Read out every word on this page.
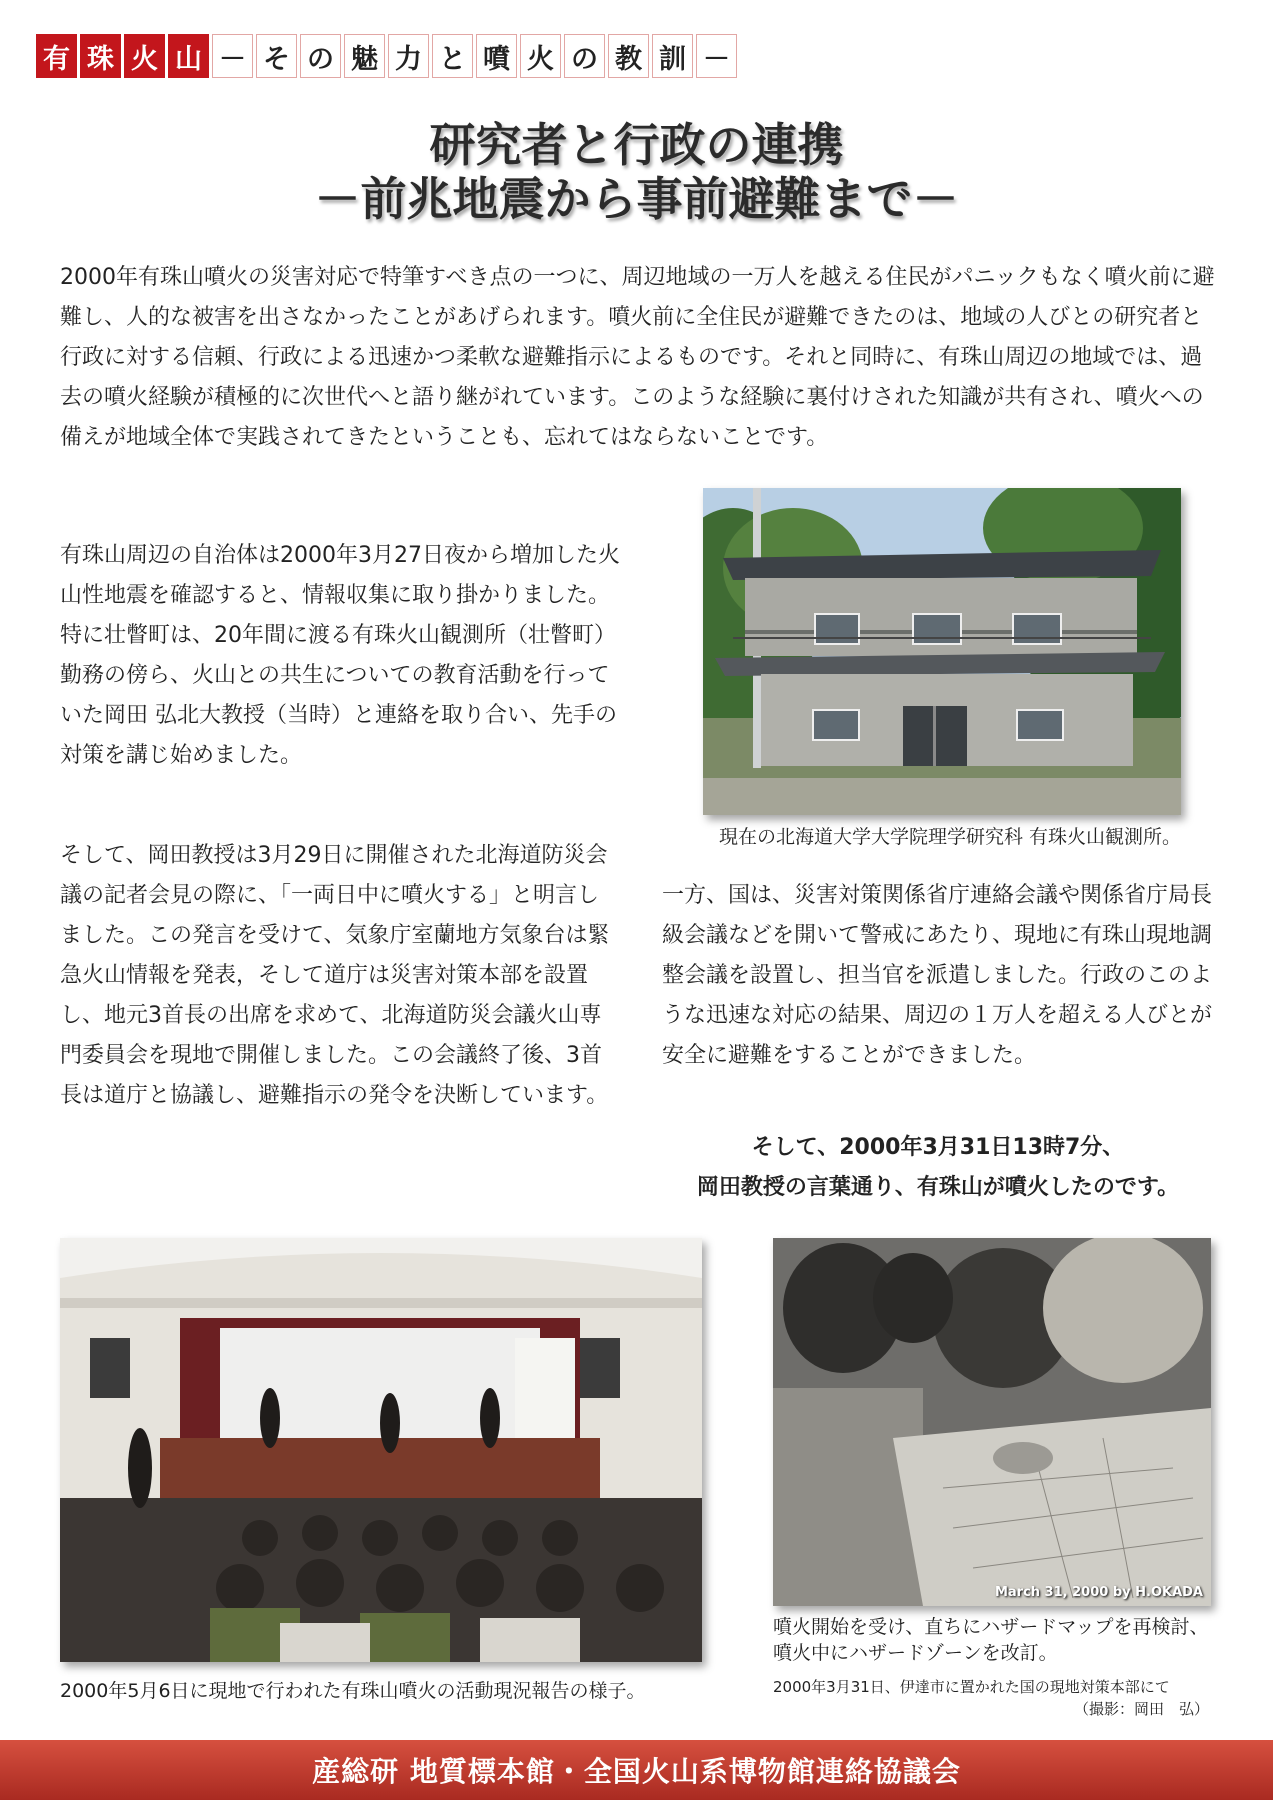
有 珠 火 山 － そ の 魅 力 と 噴 火 の 教 訓 －
研究者と行政の連携
－前兆地震から事前避難まで－

2000年有珠山噴火の災害対応で特筆すべき点の一つに、周辺地域の一万人を越える住民がパニックもなく噴火前に避難し、人的な被害を出さなかったことがあげられます。噴火前に全住民が避難できたのは、地域の人びとの研究者と行政に対する信頼、行政による迅速かつ柔軟な避難指示によるものです。それと同時に、有珠山周辺の地域では、過去の噴火経験が積極的に次世代へと語り継がれています。このような経験に裏付けされた知識が共有され、噴火への備えが地域全体で実践されてきたということも、忘れてはならないことです。

現在の北海道大学大学院理学研究科 有珠火山観測所。

有珠山周辺の自治体は2000年3月27日夜から増加した火山性地震を確認すると、情報収集に取り掛かりました。特に壮瞥町は、20年間に渡る有珠火山観測所（壮瞥町）勤務の傍ら、火山との共生についての教育活動を行っていた岡田 弘北大教授（当時）と連絡を取り合い、先手の対策を講じ始めました。

そして、岡田教授は3月29日に開催された北海道防災会議の記者会見の際に、「一両日中に噴火する」と明言しました。この発言を受けて、気象庁室蘭地方気象台は緊急火山情報を発表，そして道庁は災害対策本部を設置し、地元3首長の出席を求めて、北海道防災会議火山専門委員会を現地で開催しました。この会議終了後、3首長は道庁と協議し、避難指示の発令を決断しています。

一方、国は、災害対策関係省庁連絡会議や関係省庁局長級会議などを開いて警戒にあたり、現地に有珠山現地調整会議を設置し、担当官を派遣しました。行政のこのような迅速な対応の結果、周辺の１万人を超える人びとが安全に避難をすることができました。

そして、2000年3月31日13時7分、

岡田教授の言葉通り、有珠山が噴火したのです。

2000年5月6日に現地で行われた有珠山噴火の活動現況報告の様子。

March 31, 2000 by H.OKADA

噴火開始を受け、直ちにハザードマップを再検討、噴火中にハザードゾーンを改訂。

2000年3月31日、伊達市に置かれた国の現地対策本部にて

（撮影：岡田　弘）

産総研 地質標本館・全国火山系博物館連絡協議会
